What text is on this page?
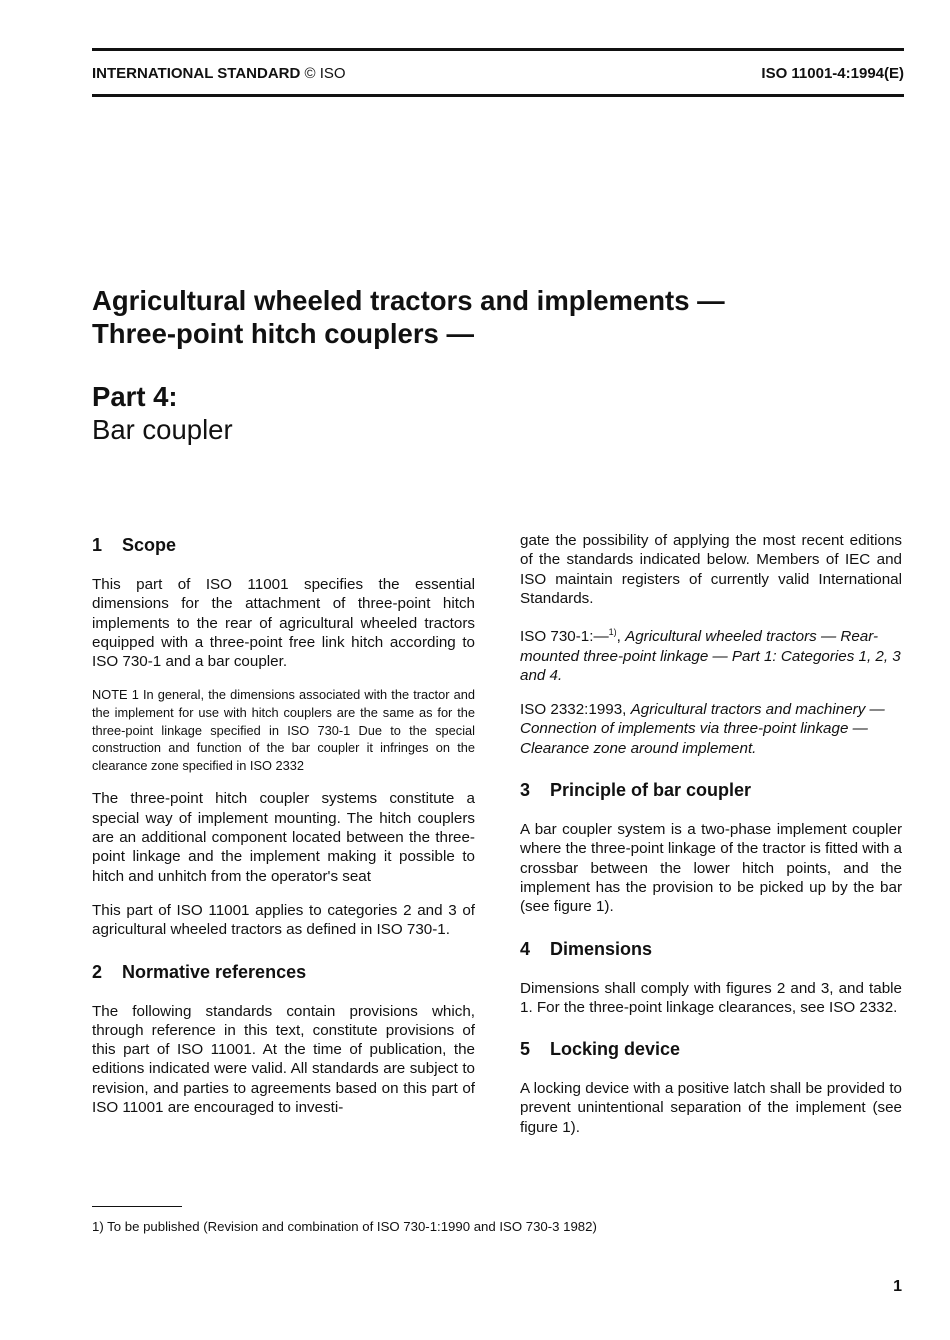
INTERNATIONAL STANDARD © ISO	ISO 11001-4:1994(E)
Agricultural wheeled tractors and implements —
Three-point hitch couplers —
Part 4:
Bar coupler
1 Scope

This part of ISO 11001 specifies the essential dimensions for the attachment of three-point hitch implements to the rear of agricultural wheeled tractors equipped with a three-point free link hitch according to ISO 730-1 and a bar coupler.

NOTE 1 In general, the dimensions associated with the tractor and the implement for use with hitch couplers are the same as for the three-point linkage specified in ISO 730-1 Due to the special construction and function of the bar coupler it infringes on the clearance zone specified in ISO 2332

The three-point hitch coupler systems constitute a special way of implement mounting. The hitch couplers are an additional component located between the three-point linkage and the implement making it possible to hitch and unhitch from the operator's seat

This part of ISO 11001 applies to categories 2 and 3 of agricultural wheeled tractors as defined in ISO 730-1.

2 Normative references

The following standards contain provisions which, through reference in this text, constitute provisions of this part of ISO 11001. At the time of publication, the editions indicated were valid. All standards are subject to revision, and parties to agreements based on this part of ISO 11001 are encouraged to investi-

gate the possibility of applying the most recent editions of the standards indicated below. Members of IEC and ISO maintain registers of currently valid International Standards.

ISO 730-1:—$^{1)}$, Agricultural wheeled tractors — Rear-mounted three-point linkage — Part 1: Categories 1, 2, 3 and 4.

ISO 2332:1993, Agricultural tractors and machinery — Connection of implements via three-point linkage — Clearance zone around implement.

3 Principle of bar coupler

A bar coupler system is a two-phase implement coupler where the three-point linkage of the tractor is fitted with a crossbar between the lower hitch points, and the implement has the provision to be picked up by the bar (see figure 1).

4 Dimensions

Dimensions shall comply with figures 2 and 3, and table 1. For the three-point linkage clearances, see ISO 2332.

5 Locking device

A locking device with a positive latch shall be provided to prevent unintentional separation of the implement (see figure 1).

1) To be published (Revision and combination of ISO 730-1:1990 and ISO 730-3 1982)
1
